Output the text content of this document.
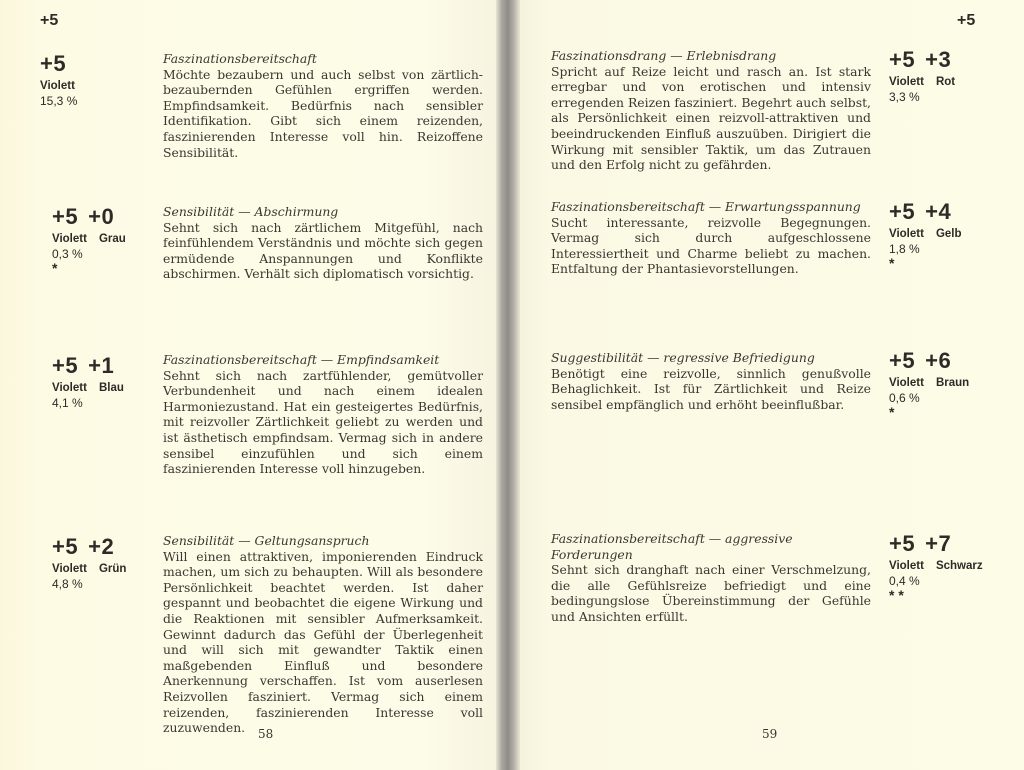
+5
+5
Violett
15,3 %
Faszinationsbereitschaft
Möchte bezaubern und auch selbst von zärtlich-bezaubernden Gefühlen ergriffen werden. Empfindsamkeit. Bedürfnis nach sensibler Identifikation. Gibt sich einem reizenden, faszinierenden Interesse voll hin. Reizoffene Sensibilität.
+5 +0
Violett Grau
0,3 %
*
Sensibilität — Abschirmung
Sehnt sich nach zärtlichem Mitgefühl, nach feinfühlendem Verständnis und möchte sich gegen ermüdende Anspannungen und Konflikte abschirmen. Verhält sich diplomatisch vorsichtig.
+5 +1
Violett Blau
4,1 %
Faszinationsbereitschaft — Empfindsamkeit
Sehnt sich nach zartfühlender, gemütvoller Verbundenheit und nach einem idealen Harmoniezustand. Hat ein gesteigertes Bedürfnis, mit reizvoller Zärtlichkeit geliebt zu werden und ist ästhetisch empfindsam. Vermag sich in andere sensibel einzufühlen und sich einem faszinierenden Interesse voll hinzugeben.
+5 +2
Violett Grün
4,8 %
Sensibilität — Geltungsanspruch
Will einen attraktiven, imponierenden Eindruck machen, um sich zu behaupten. Will als besondere Persönlichkeit beachtet werden. Ist daher gespannt und beobachtet die eigene Wirkung und die Reaktionen mit sensibler Aufmerksamkeit. Gewinnt dadurch das Gefühl der Überlegenheit und will sich mit gewandter Taktik einen maßgebenden Einfluß und besondere Anerkennung verschaffen. Ist vom auserlesen Reizvollen fasziniert. Vermag sich einem reizenden, faszinierenden Interesse voll zuzuwenden.	58
+5
Faszinationsdrang — Erlebnisdrang
Spricht auf Reize leicht und rasch an. Ist stark erregbar und von erotischen und intensiv erregenden Reizen fasziniert. Begehrt auch selbst, als Persönlichkeit einen reizvoll-attraktiven und beeindruckenden Einfluß auszuüben. Dirigiert die Wirkung mit sensibler Taktik, um das Zutrauen und den Erfolg nicht zu gefährden.
+5 +3
Violett Rot
3,3 %
Faszinationsbereitschaft — Erwartungsspannung
Sucht interessante, reizvolle Begegnungen. Vermag sich durch aufgeschlossene Interessiertheit und Charme beliebt zu machen. Entfaltung der Phantasievorstellungen.
+5 +4
Violett Gelb
1,8 %
*
Suggestibilität — regressive Befriedigung
Benötigt eine reizvolle, sinnlich genußvolle Behaglichkeit. Ist für Zärtlichkeit und Reize sensibel empfänglich und erhöht beeinflußbar.
+5 +6
Violett Braun
0,6 %
*
Faszinationsbereitschaft — aggressive Forderungen
Sehnt sich dranghaft nach einer Verschmelzung, die alle Gefühlsreize befriedigt und eine bedingungslose Übereinstimmung der Gefühle und Ansichten erfüllt.
+5 +7
Violett Schwarz
0,4 %
* *
59
